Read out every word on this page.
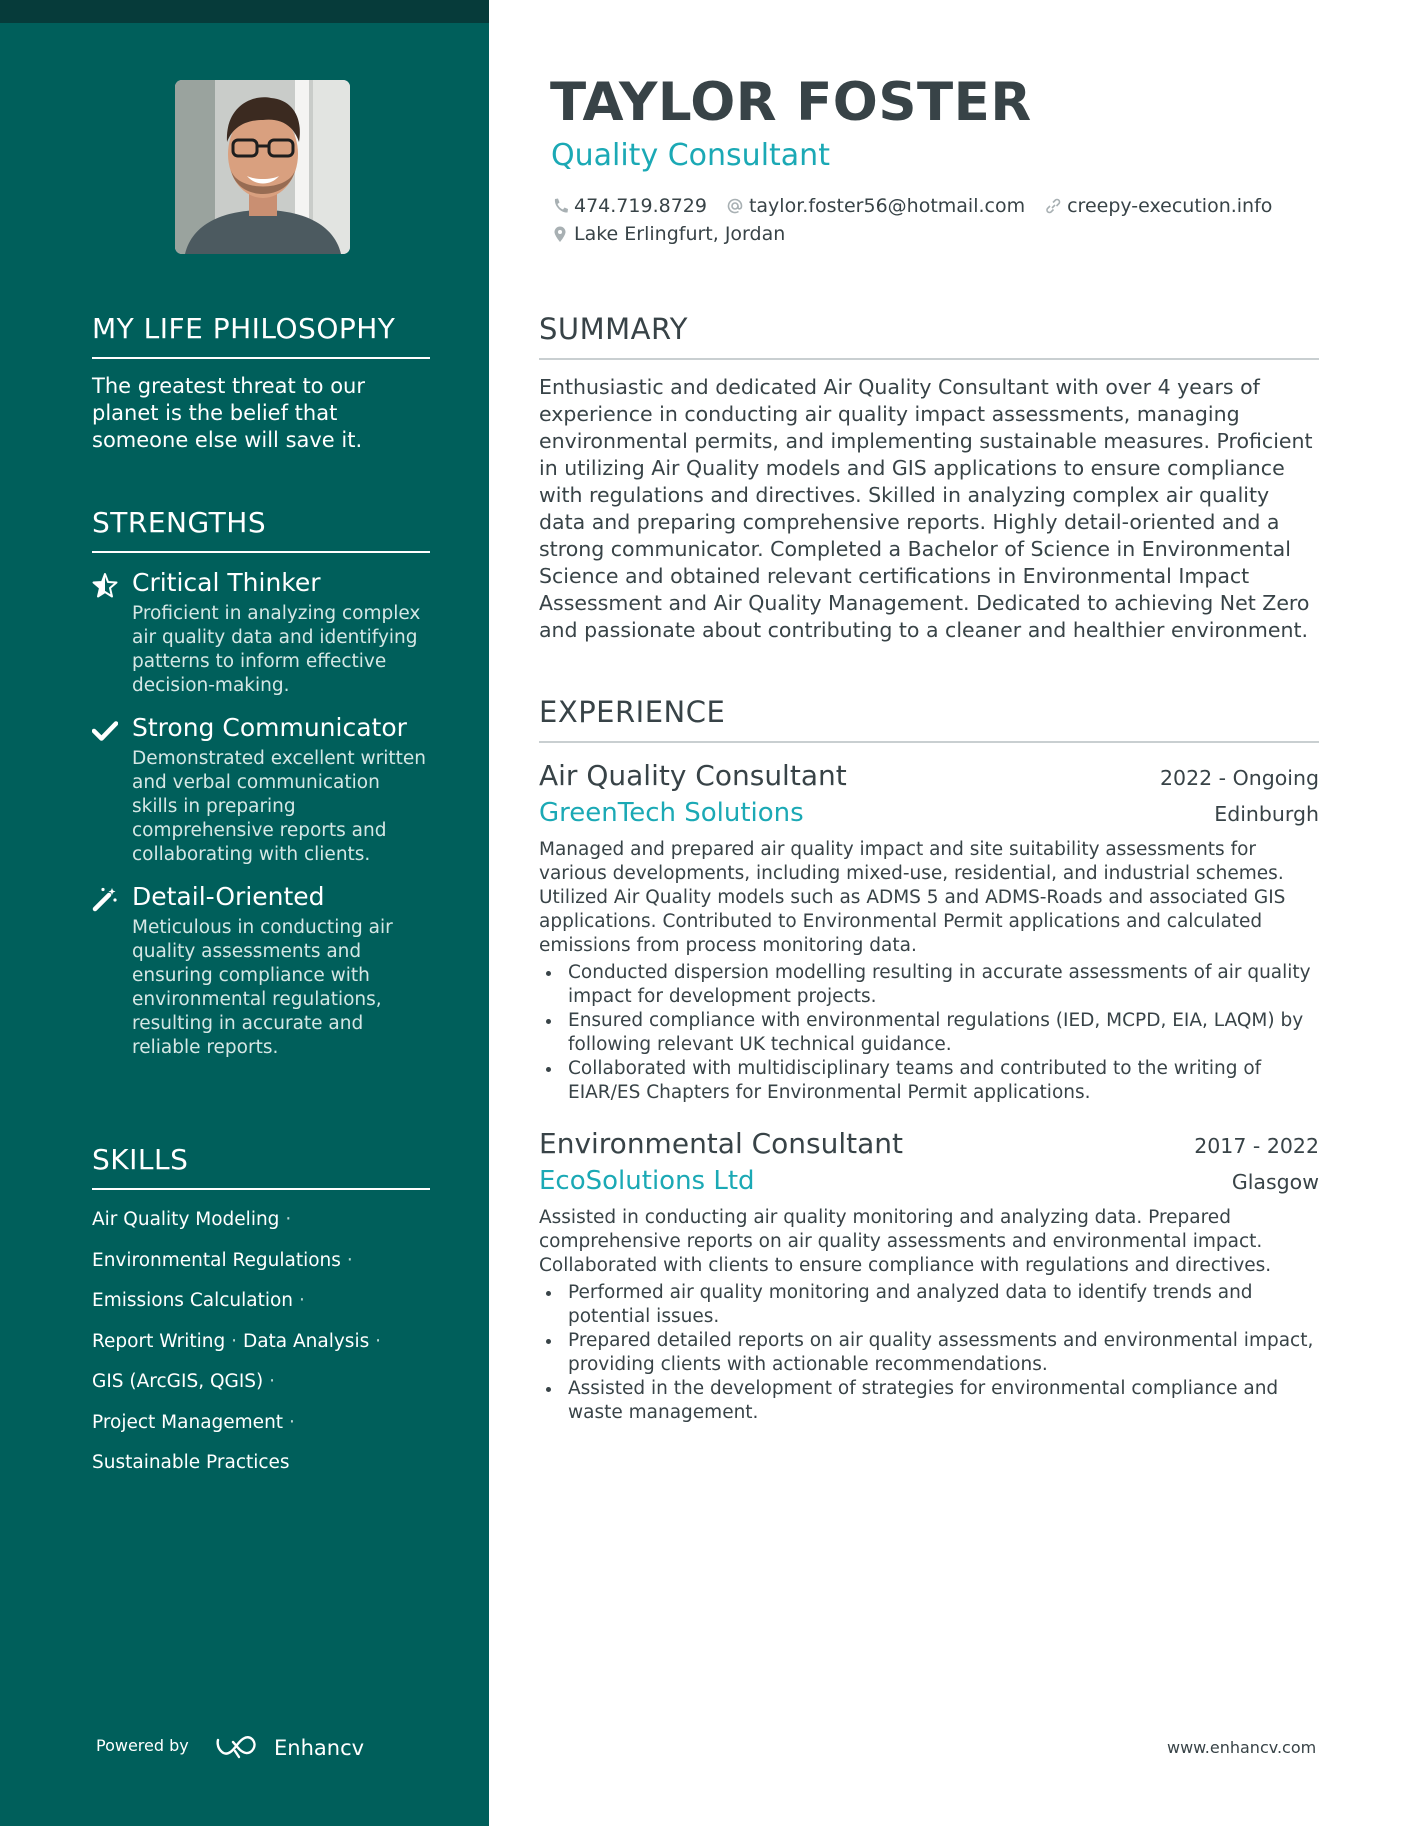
MY LIFE PHILOSOPHY
The greatest threat to our planet is the belief that someone else will save it.
STRENGTHS
Critical Thinker
Proficient in analyzing complex air quality data and identifying patterns to inform effective decision-making.
Strong Communicator
Demonstrated excellent written and verbal communication skills in preparing comprehensive reports and collaborating with clients.
Detail-Oriented
Meticulous in conducting air quality assessments and ensuring compliance with environmental regulations, resulting in accurate and reliable reports.
SKILLS
Air Quality Modeling ·
Environmental Regulations ·
Emissions Calculation ·
Report Writing · Data Analysis ·
GIS (ArcGIS, QGIS) ·
Project Management ·
Sustainable Practices
Powered by	Enhancv
TAYLOR FOSTER
Quality Consultant
474.719.8729 taylor.foster56@hotmail.com creepy-execution.info
Lake Erlingfurt, Jordan
SUMMARY
Enthusiastic and dedicated Air Quality Consultant with over 4 years of experience in conducting air quality impact assessments, managing environmental permits, and implementing sustainable measures. Proficient in utilizing Air Quality models and GIS applications to ensure compliance with regulations and directives. Skilled in analyzing complex air quality data and preparing comprehensive reports. Highly detail-oriented and a strong communicator. Completed a Bachelor of Science in Environmental Science and obtained relevant certifications in Environmental Impact Assessment and Air Quality Management. Dedicated to achieving Net Zero and passionate about contributing to a cleaner and healthier environment.
EXPERIENCE
Air Quality Consultant	2022 - Ongoing
GreenTech Solutions	Edinburgh
Managed and prepared air quality impact and site suitability assessments for various developments, including mixed-use, residential, and industrial schemes. Utilized Air Quality models such as ADMS 5 and ADMS-Roads and associated GIS applications. Contributed to Environmental Permit applications and calculated emissions from process monitoring data.
Conducted dispersion modelling resulting in accurate assessments of air quality impact for development projects.
Ensured compliance with environmental regulations (IED, MCPD, EIA, LAQM) by following relevant UK technical guidance.
Collaborated with multidisciplinary teams and contributed to the writing of EIAR/ES Chapters for Environmental Permit applications.
Environmental Consultant	2017 - 2022
EcoSolutions Ltd	Glasgow
Assisted in conducting air quality monitoring and analyzing data. Prepared comprehensive reports on air quality assessments and environmental impact. Collaborated with clients to ensure compliance with regulations and directives.
Performed air quality monitoring and analyzed data to identify trends and potential issues.
Prepared detailed reports on air quality assessments and environmental impact, providing clients with actionable recommendations.
Assisted in the development of strategies for environmental compliance and waste management.
www.enhancv.com
